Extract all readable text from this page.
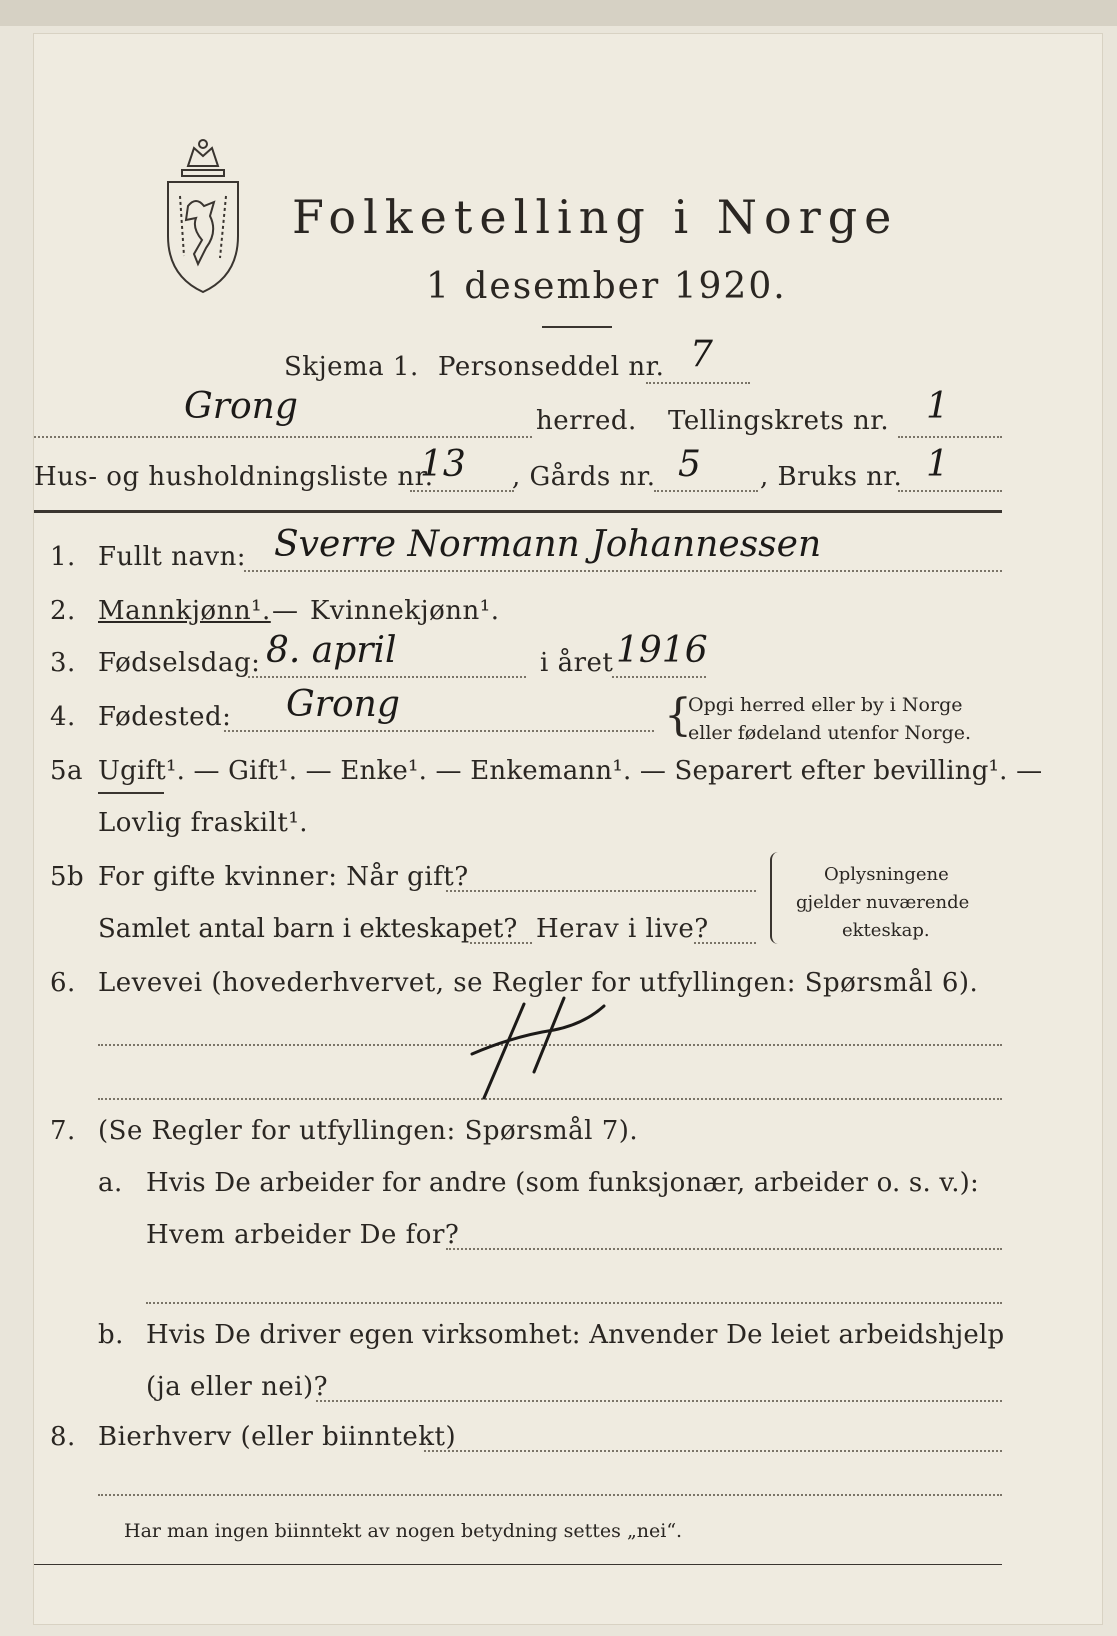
Folketelling i Norge
1 desember 1920.
Skjema 1. Personseddel nr. 7
Grong	herred. Tellingskrets nr. 1
Hus- og husholdningsliste nr.
13 , Gårds nr. 5 , Bruks nr. 1
1. Fullt navn: Sverre Normann Johannessen
2. Mannkjønn¹. — Kvinnekjønn¹.
3. Fødselsdag: 8. april	i året 1916
4. Fødested: Grong	{
Opgi herred eller by i Norge
eller fødeland utenfor Norge.
5a Ugift¹. — Gift¹. — Enke¹. — Enkemann¹. — Separert efter bevilling¹. —
Lovlig fraskilt¹.
5b For gifte kvinner: Når gift?
Samlet antal barn i ekteskapet? Herav i live?
Oplysningene
gjelder nuværende
ekteskap.
6. Levevei (hovederhvervet, se Regler for utfyllingen: Spørsmål 6).
7. (Se Regler for utfyllingen: Spørsmål 7).
a. Hvis De arbeider for andre (som funksjonær, arbeider o. s. v.):
Hvem arbeider De for?
b. Hvis De driver egen virksomhet: Anvender De leiet arbeidshjelp
(ja eller nei)?
8. Bierhverv (eller biinntekt)
Har man ingen biinntekt av nogen betydning settes „nei“.
